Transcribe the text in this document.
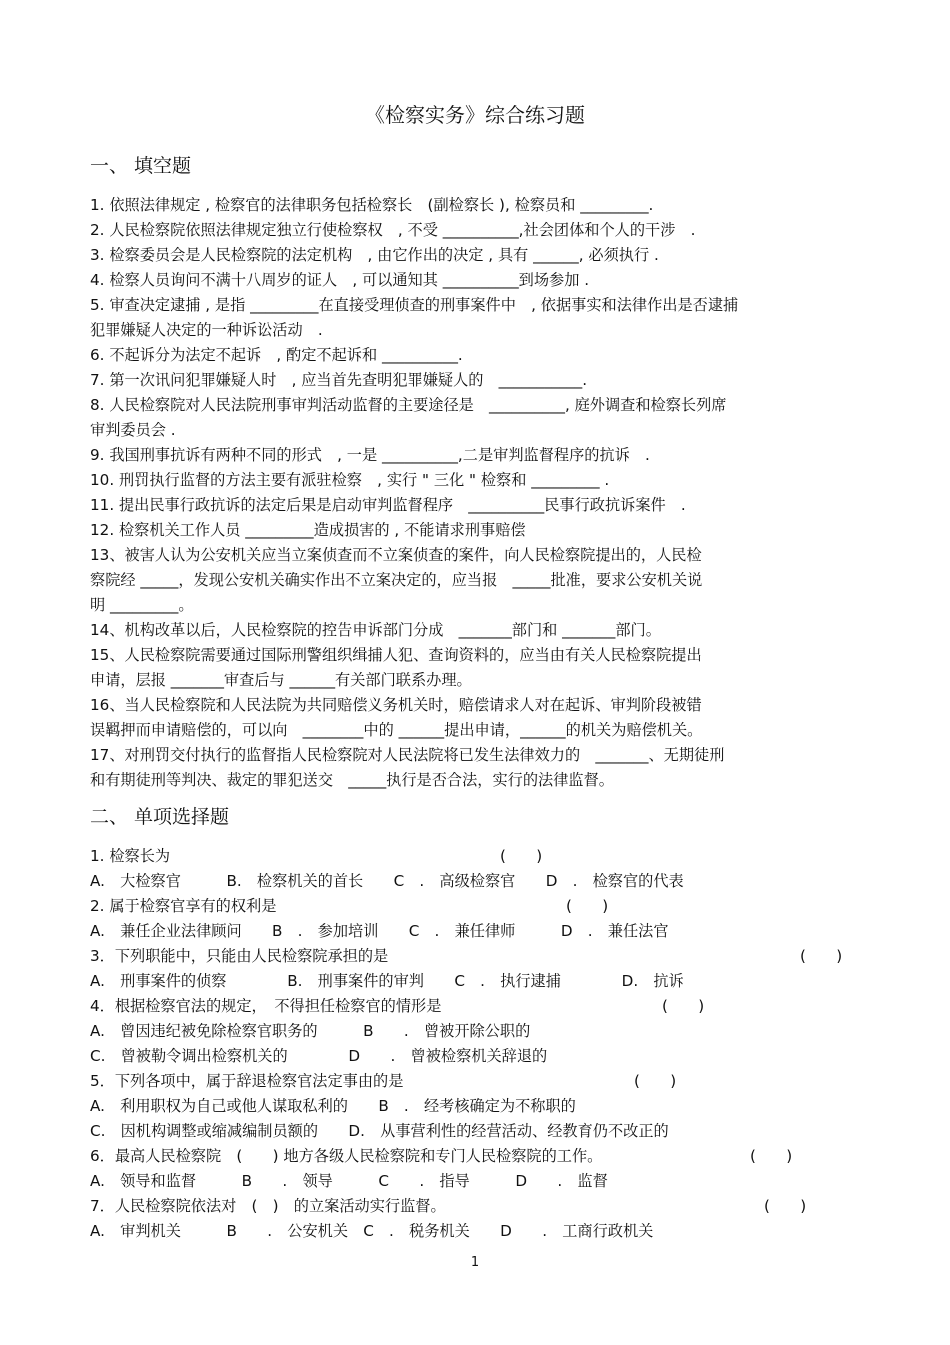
《检察实务》综合练习题
一、 填空题
1. 依照法律规定 , 检察官的法律职务包括检察长　(副检察长 ), 检察员和 _________.
2. 人民检察院依照法律规定独立行使检察权　, 不受 __________,社会团体和个人的干涉　.
3. 检察委员会是人民检察院的法定机构　, 由它作出的决定 , 具有 ______, 必须执行 .
4. 检察人员询问不满十八周岁的证人　, 可以通知其 __________到场参加 .
5. 审查决定逮捕 , 是指 _________在直接受理侦查的刑事案件中　, 依据事实和法律作出是否逮捕
犯罪嫌疑人决定的一种诉讼活动　.
6. 不起诉分为法定不起诉　, 酌定不起诉和 __________.
7. 第一次讯问犯罪嫌疑人时　, 应当首先查明犯罪嫌疑人的　___________.
8. 人民检察院对人民法院刑事审判活动监督的主要途径是　__________, 庭外调查和检察长列席
审判委员会 .
9. 我国刑事抗诉有两种不同的形式　, 一是 __________,二是审判监督程序的抗诉　.
10. 刑罚执行监督的方法主要有派驻检察　, 实行 " 三化 " 检察和 _________ .
11. 提出民事行政抗诉的法定后果是启动审判监督程序　__________民事行政抗诉案件　.
12. 检察机关工作人员 _________造成损害的 , 不能请求刑事赔偿
13、被害人认为公安机关应当立案侦查而不立案侦查的案件，向人民检察院提出的，人民检
察院经 _____，发现公安机关确实作出不立案决定的，应当报　_____批准，要求公安机关说
明 _________。
14、机构改革以后，人民检察院的控告申诉部门分成　_______部门和 _______部门。
15、人民检察院需要通过国际刑警组织缉捕人犯、查询资料的，应当由有关人民检察院提出
申请，层报 _______审查后与 ______有关部门联系办理。
16、当人民检察院和人民法院为共同赔偿义务机关时，赔偿请求人对在起诉、审判阶段被错
误羁押而申请赔偿的，可以向　________中的 ______提出申请，______的机关为赔偿机关。
17、对刑罚交付执行的监督指人民检察院对人民法院将已发生法律效力的　_______、无期徒刑
和有期徒刑等判决、裁定的罪犯送交　_____执行是否合法，实行的法律监督。
二、 单项选择题
1. 检察长为	(　　)
A.　大检察官　　　B.　检察机关的首长　　C　.　高级检察官　　D　.　检察官的代表
2. 属于检察官享有的权利是	(　　)
A.　兼任企业法律顾问　　B　.　参加培训　　C　.　兼任律师　　　D　.　兼任法官
3．下列职能中，只能由人民检察院承担的是	(　　)
A.　刑事案件的侦察　　　　B.　刑事案件的审判　　C　.　执行逮捕　　　　D.　抗诉
4．根据检察官法的规定，　不得担任检察官的情形是	(　　)
A.　曾因违纪被免除检察官职务的　　　B　　.　曾被开除公职的
C.　曾被勒令调出检察机关的　　　　D　　.　曾被检察机关辞退的
5．下列各项中，属于辞退检察官法定事由的是	(　　)
A.　利用职权为自己或他人谋取私利的　　B　.　经考核确定为不称职的
C.　因机构调整或缩减编制员额的　　D.　从事营利性的经营活动、经教育仍不改正的
6．最高人民检察院　(　　) 地方各级人民检察院和专门人民检察院的工作。	(　　)
A.　领导和监督　　　B　　.　领导　　　C　　.　指导　　　D　　.　监督
7．人民检察院依法对　(　)　的立案活动实行监督。	(　　)
A.　审判机关　　　B　　.　公安机关　C　.　税务机关　　D　　.　工商行政机关
1
